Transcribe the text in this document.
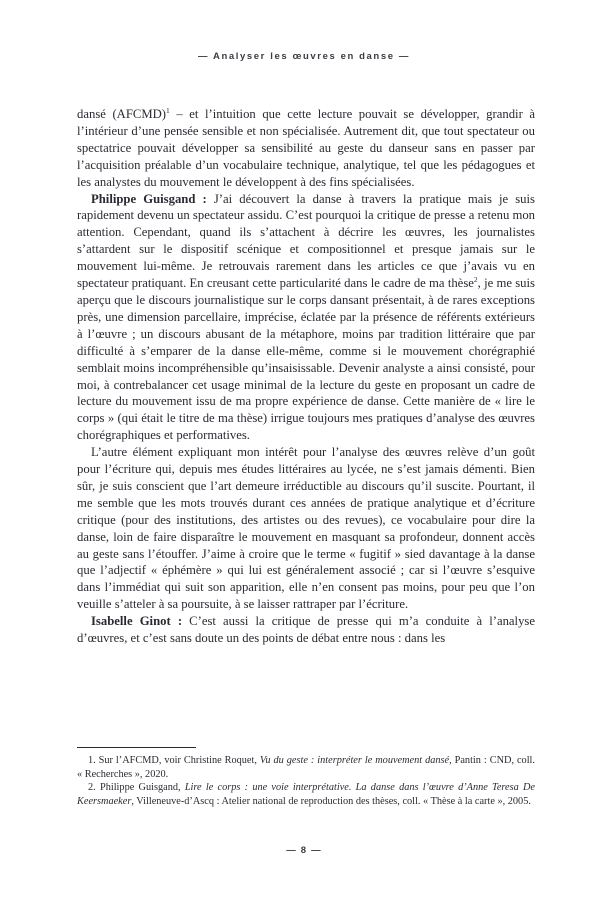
— Analyser les œuvres en danse —

dansé (AFCMD)$^1$ – et l’intuition que cette lecture pouvait se développer, grandir à l’intérieur d’une pensée sensible et non spécialisée. Autrement dit, que tout spectateur ou spectatrice pouvait développer sa sensibilité au geste du danseur sans en passer par l’acquisition préalable d’un vocabulaire technique, analytique, tel que les pédagogues et les analystes du mouvement le développent à des fins spécialisées.

Philippe Guisgand : J’ai découvert la danse à travers la pratique mais je suis rapidement devenu un spectateur assidu. C’est pourquoi la critique de presse a retenu mon attention. Cependant, quand ils s’attachent à décrire les œuvres, les journalistes s’attardent sur le dispositif scénique et compositionnel et presque jamais sur le mouvement lui-même. Je retrouvais rarement dans les articles ce que j’avais vu en spectateur pratiquant. En creusant cette particularité dans le cadre de ma thèse$^2$, je me suis aperçu que le discours journalistique sur le corps dansant présentait, à de rares exceptions près, une dimension parcellaire, imprécise, éclatée par la présence de référents extérieurs à l’œuvre ; un discours abusant de la métaphore, moins par tradition littéraire que par difficulté à s’emparer de la danse elle-même, comme si le mouvement chorégraphié semblait moins incompréhensible qu’insaisissable. Devenir analyste a ainsi consisté, pour moi, à contrebalancer cet usage minimal de la lecture du geste en proposant un cadre de lecture du mouvement issu de ma propre expérience de danse. Cette manière de « lire le corps » (qui était le titre de ma thèse) irrigue toujours mes pratiques d’analyse des œuvres chorégraphiques et performatives.

L’autre élément expliquant mon intérêt pour l’analyse des œuvres relève d’un goût pour l’écriture qui, depuis mes études littéraires au lycée, ne s’est jamais démenti. Bien sûr, je suis conscient que l’art demeure irréductible au discours qu’il suscite. Pourtant, il me semble que les mots trouvés durant ces années de pratique analytique et d’écriture critique (pour des institutions, des artistes ou des revues), ce vocabulaire pour dire la danse, loin de faire disparaître le mouvement en masquant sa profondeur, donnent accès au geste sans l’étouffer. J’aime à croire que le terme « fugitif » sied davantage à la danse que l’adjectif « éphémère » qui lui est généralement associé ; car si l’œuvre s’esquive dans l’immédiat qui suit son apparition, elle n’en consent pas moins, pour peu que l’on veuille s’atteler à sa poursuite, à se laisser rattraper par l’écriture.

Isabelle Ginot : C’est aussi la critique de presse qui m’a conduite à l’analyse d’œuvres, et c’est sans doute un des points de débat entre nous : dans les

1. Sur l’AFCMD, voir Christine Roquet, Vu du geste : interpréter le mouvement dansé, Pantin : CND, coll. « Recherches », 2020.

2. Philippe Guisgand, Lire le corps : une voie interprétative. La danse dans l’œuvre d’Anne Teresa De Keersmaeker, Villeneuve-d’Ascq : Atelier national de reproduction des thèses, coll. « Thèse à la carte », 2005.

— 8 —
